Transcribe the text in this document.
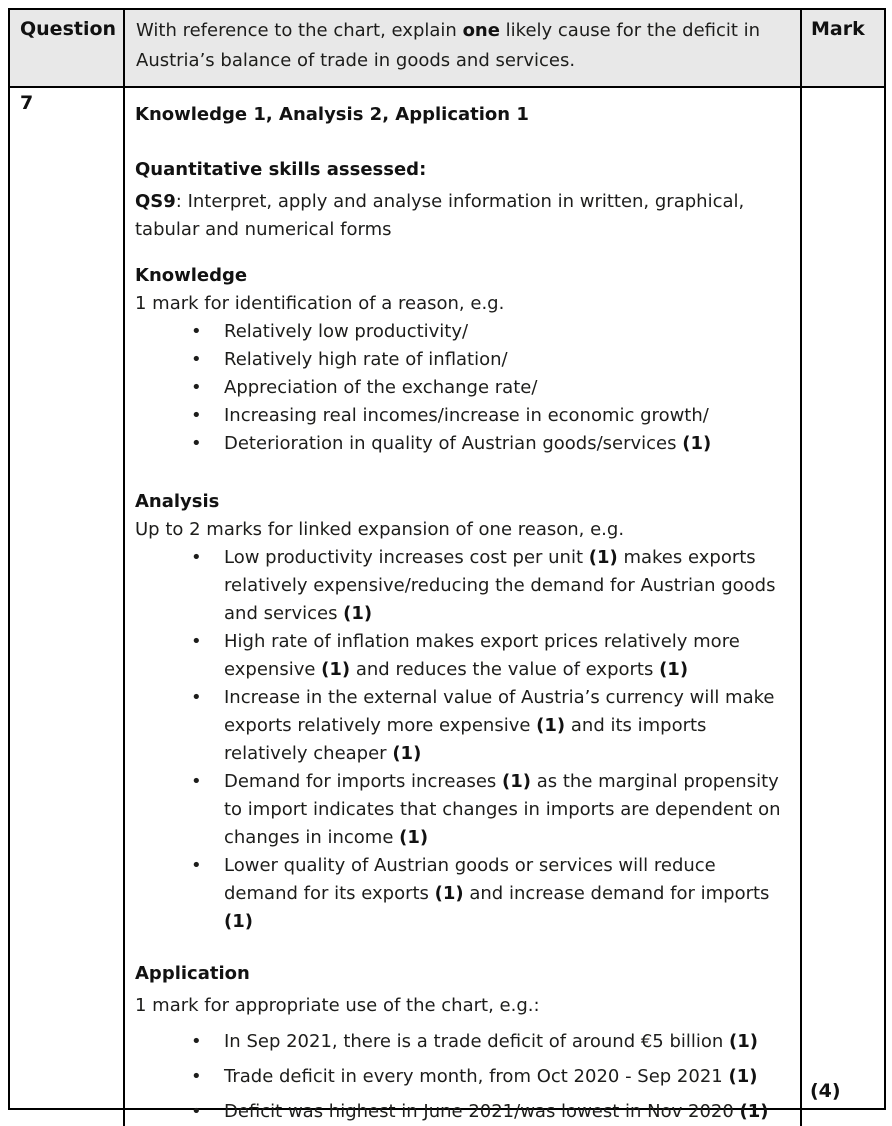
Question	With reference to the chart, explain one likely cause for the deficit in Austria’s balance of trade in goods and services.
Mark
7
Knowledge 1, Analysis 2, Application 1
Quantitative skills assessed:
QS9: Interpret, apply and analyse information in written, graphical, tabular and numerical forms
Knowledge
1 mark for identification of a reason, e.g.
• Relatively low productivity/
• Relatively high rate of inflation/
• Appreciation of the exchange rate/
• Increasing real incomes/increase in economic growth/
• Deterioration in quality of Austrian goods/services (1)
Analysis
Up to 2 marks for linked expansion of one reason, e.g.
• Low productivity increases cost per unit (1) makes exports relatively expensive/reducing the demand for Austrian goods and services (1)
• High rate of inflation makes export prices relatively more expensive (1) and reduces the value of exports (1)
• Increase in the external value of Austria’s currency will make exports relatively more expensive (1) and its imports relatively cheaper (1)
• Demand for imports increases (1) as the marginal propensity to import indicates that changes in imports are dependent on changes in income (1)
• Lower quality of Austrian goods or services will reduce demand for its exports (1) and increase demand for imports (1)
Application
1 mark for appropriate use of the chart, e.g.:
• In Sep 2021, there is a trade deficit of around €5 billion (1)
• Trade deficit in every month, from Oct 2020 - Sep 2021 (1)
• Deficit was highest in June 2021/was lowest in Nov 2020 (1)
(4)
